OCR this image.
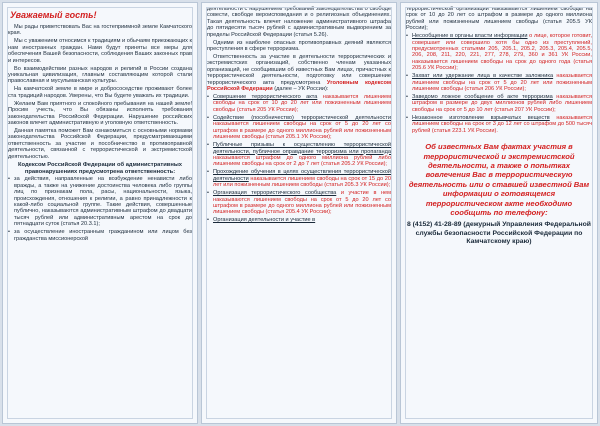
Уважаемый гость!

Мы рады приветствовать Вас на гостеприимной земле Камчатского края.

Мы с уважением относимся к традициям и обычаям приезжающих к нам иностранных граждан. Нами будут приняты все меры для обеспечения Вашей безопасности, соблюдения Ваших законных прав и интересов.

Во взаимодействии разных народов и религий в России создана уникальная цивилизация, главным составляющим которой стали православная и мусульманская культуры.

На камчатской земле в мире и добрососедстве проживают более ста традиций народов. Уверены, что Вы будете уважать их традиции.

Желаем Вам приятного и спокойного пребывания на нашей земле! Просим учесть, что Вы обязаны исполнять требования законодательства Российской Федерации. Нарушение российских законов влечет административную и уголовную ответственность.

Данная памятка поможет Вам ознакомиться с основными нормами законодательства Российской Федерации, предусматривающими ответственность за участие и пособничество в противоправной деятельности, связанной с террористической и экстремистской деятельностью.

Кодексом Российской Федерации об административных правонарушениях предусмотрена ответственность:
• за действия, направленные на возбуждение ненависти либо вражды, а также на унижение достоинства человека либо группы лиц по признакам пола, расы, национальности, языка, происхождения, отношения к религии, а равно принадлежности к какой-либо социальной группе. Такие действия, совершенные публично, наказываются административным штрафом до двадцати тысяч рублей или административным арестом на срок до пятнадцати суток (статья 20.3.1);
• за осуществление иностранным гражданином или лицом без гражданства миссионерской

деятельности с нарушением требований законодательства о свободе совести, свободе вероисповедания и о религиозных объединениях. Такая деятельность влечет наложение административного штрафа до пятидесяти тысяч рублей с административным выдворением за пределы Российской Федерации (статья 5.26).

Одними из наиболее опасных противоправных деяний являются преступления в сфере терроризма.

Ответственность за участие в деятельности террористических и экстремистских организаций, собственно членам указанных организаций, не сообщившим об известных Вам лицах, причастных к террористической деятельности, подготовку или совершение террористического акта предусмотрена Уголовным кодексом Российской Федерации (далее – УК России):

• Совершение террористического акта наказывается лишением свободы на срок от 10 до 20 лет или пожизненным лишением свободы (статья 205 УК России);
• Содействие (пособничество) террористической деятельности наказывается лишением свободы на срок от 5 до 20 лет со штрафом в размере до одного миллиона рублей или пожизненным лишением свободы (статья 205.1 УК России);
• Публичные призывы к осуществлению террористической деятельности, публичное оправдание терроризма или пропаганда наказываются штрафом до одного миллиона рублей либо лишением свободы на срок от 2 до 7 лет (статья 205.2 УК России);
• Прохождение обучения в целях осуществления террористической деятельности наказывается лишением свободы на срок от 15 до 20 лет или пожизненным лишением свободы (статья 205.3 УК России);
• Организация террористического сообщества и участие в нем наказываются лишением свободы на срок от 5 до 20 лет со штрафом в размере до одного миллиона рублей или пожизненным лишением свободы (статья 205.4 УК России);
• Организация деятельности и участие в

террористической организации наказывается лишением свободы на срок от 10 до 20 лет со штрафом в размере до одного миллиона рублей или пожизненным лишением свободы (статья 205.5 УК России);

• Несообщение в органы власти информации о лице, которое готовит, совершает или совершило хотя бы одно из преступлений, предусмотренных статьями 205, 205.1, 205.2, 205.3, 205.4, 205.5, 206, 208, 211, 220, 221, 277, 278, 279, 360 и 361 УК России, наказывается лишением свободы на срок до одного года (статья 205.6 УК России);
• Захват или удержание лица в качестве заложника наказывается лишением свободы на срок от 5 до 20 лет или пожизненным лишением свободы (статья 206 УК России);
• Заведомо ложное сообщение об акте терроризма наказывается штрафом в размере до двух миллионов рублей либо лишением свободы на срок от 5 до 10 лет (статья 207 УК России);
• Незаконное изготовление взрывчатых веществ наказывается лишением свободы на срок от 3 до 12 лет со штрафом до 500 тысяч рублей (статья 223.1 УК России).
Об известных Вам фактах участия в террористической и экстремистской деятельности, а также о попытках вовлечения Вас в террористическую деятельность или о ставшей известной Вам информации о готовящемся террористическом акте необходимо сообщить по телефону:
8 (4152) 41-28-89 (дежурный Управления Федеральной службы безопасности Российской Федерации по Камчатскому краю)
